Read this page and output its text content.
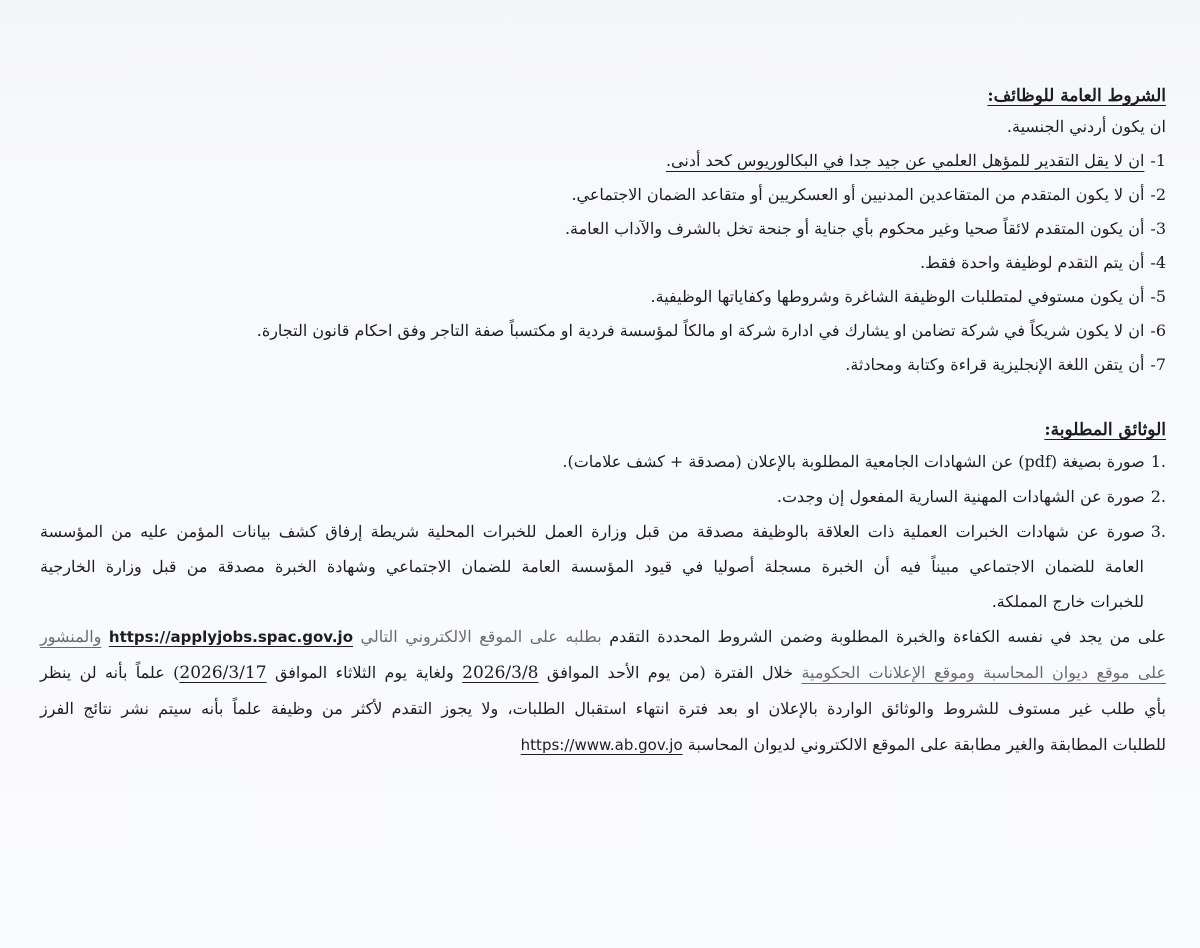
الشروط العامة للوظائف:

ان يكون أردني الجنسية.

1-ان لا يقل التقدير للمؤهل العلمي عن جيد جدا في البكالوريوس كحد أدنى.

2-أن لا يكون المتقدم من المتقاعدين المدنيين أو العسكريين أو متقاعد الضمان الاجتماعي.

3-أن يكون المتقدم لائقاً صحيا وغير محكوم بأي جناية أو جنحة تخل بالشرف والآداب العامة.

4-أن يتم التقدم لوظيفة واحدة فقط.

5-أن يكون مستوفي لمتطلبات الوظيفة الشاغرة وشروطها وكفاياتها الوظيفية.

6-ان لا يكون شريكاً في شركة تضامن او يشارك في ادارة شركة او مالكاً لمؤسسة فردية او مكتسباً صفة التاجر وفق احكام قانون التجارة.

7-أن يتقن اللغة الإنجليزية قراءة وكتابة ومحادثة.

الوثائق المطلوبة:

.1صورة بصيغة (pdf) عن الشهادات الجامعية المطلوبة بالإعلان (مصدقة + كشف علامات).

.2صورة عن الشهادات المهنية السارية المفعول إن وجدت.

.3صورة عن شهادات الخبرات العملية ذات العلاقة بالوظيفة مصدقة من قبل وزارة العمل للخبرات المحلية شريطة إرفاق كشف بيانات المؤمن عليه من المؤسسة

العامة للضمان الاجتماعي مبيناً فيه أن الخبرة مسجلة أصوليا في قيود المؤسسة العامة للضمان الاجتماعي وشهادة الخبرة مصدقة من قبل وزارة الخارجية

للخبرات خارج المملكة.

على من يجد في نفسه الكفاءة والخبرة المطلوبة وضمن الشروط المحددة التقدم بطلبه على الموقع الالكتروني التالي https://applyjobs.spac.gov.jo والمنشور

على موقع ديوان المحاسبة وموقع الإعلانات الحكومية خلال الفترة (من يوم الأحد الموافق 2026/3/8 ولغاية يوم الثلاثاء الموافق 2026/3/17) علماً بأنه لن ينظر

بأي طلب غير مستوف للشروط والوثائق الواردة بالإعلان او بعد فترة انتهاء استقبال الطلبات، ولا يجوز التقدم لأكثر من وظيفة علماً بأنه سيتم نشر نتائج الفرز

للطلبات المطابقة والغير مطابقة على الموقع الالكتروني لديوان المحاسبة https://www.ab.gov.jo
